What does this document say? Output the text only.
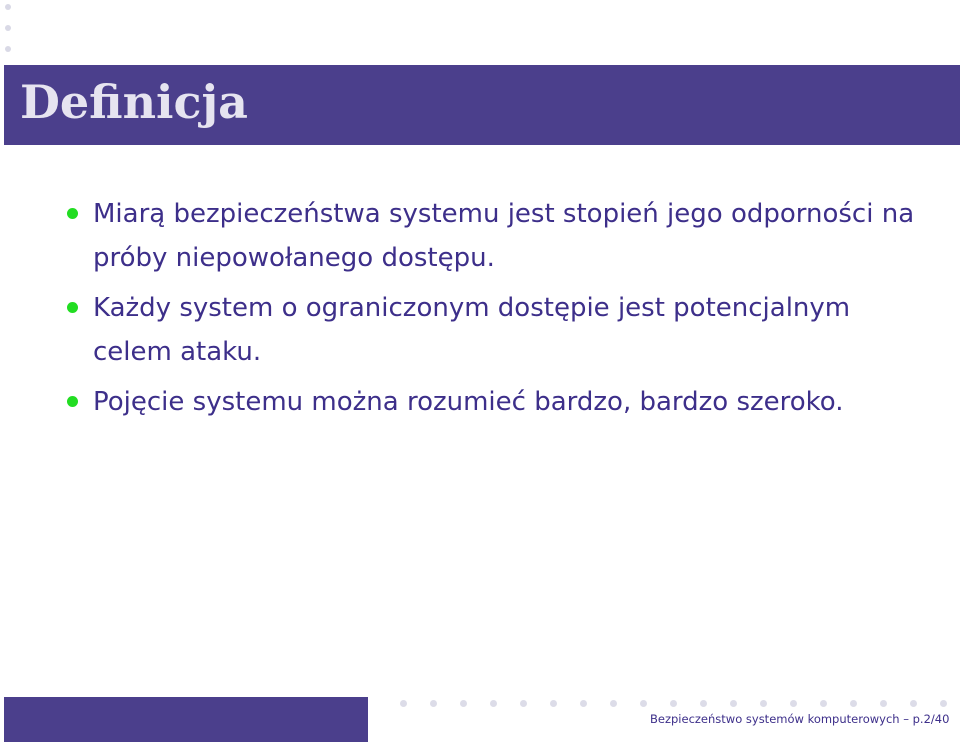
Definicja
Miarą bezpieczeństwa systemu jest stopień jego odporności na próby niepowołanego dostępu.
Każdy system o ograniczonym dostępie jest potencjalnym celem ataku.
Pojęcie systemu można rozumieć bardzo, bardzo szeroko.
Bezpieczeństwo systemów komputerowych – p.2/40
